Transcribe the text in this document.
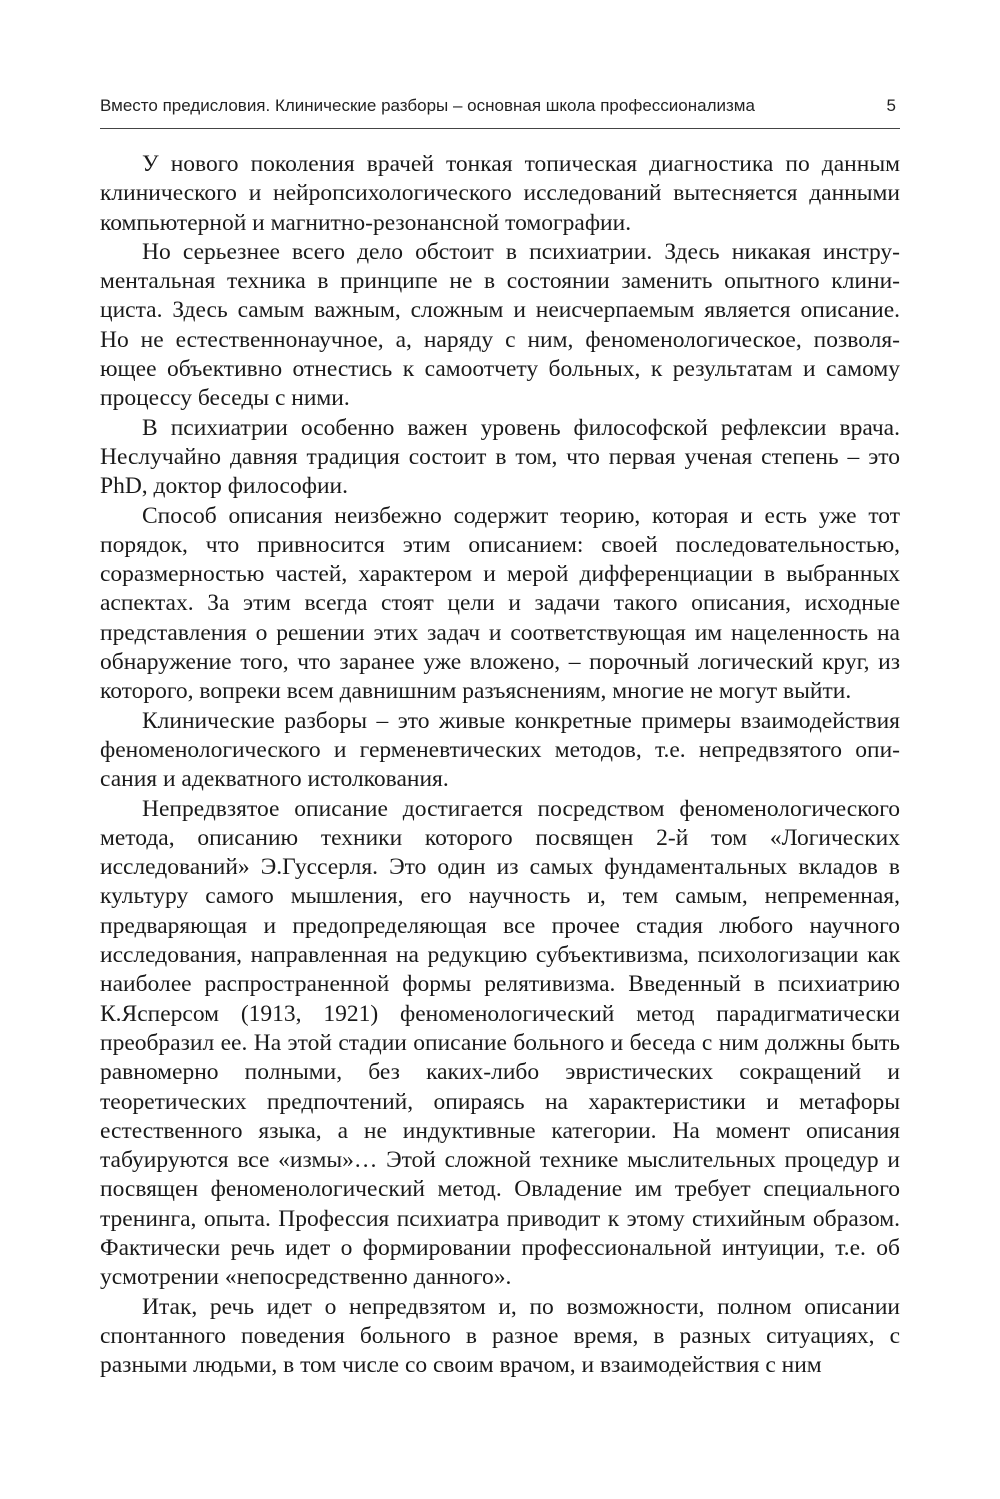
Вместо предисловия. Клинические разборы – основная школа профессионализма	5

У нового поколения врачей тонкая топическая диагностика по данным клинического и нейропсихологического исследований вытесняется данными компьютерной и магнитно-резонансной томографии.

Но серьезнее всего дело обстоит в психиатрии. Здесь никакая инструментальная техника в принципе не в состоянии заменить опытного клинициста. Здесь самым важным, сложным и неисчерпаемым является описание. Но не естественнонаучное, а, наряду с ним, феноменологическое, позволяющее объективно отнестись к самоотчету больных, к результатам и самому процессу беседы с ними.

В психиатрии особенно важен уровень философской рефлексии врача. Неслучайно давняя традиция состоит в том, что первая ученая степень – это PhD, доктор философии.

Способ описания неизбежно содержит теорию, которая и есть уже тот порядок, что привносится этим описанием: своей последовательностью, соразмерностью частей, характером и мерой дифференциации в выбранных аспектах. За этим всегда стоят цели и задачи такого описания, исходные представления о решении этих задач и соответствующая им нацеленность на обнаружение того, что заранее уже вложено, – порочный логический круг, из которого, вопреки всем давнишним разъяснениям, многие не могут выйти.

Клинические разборы – это живые конкретные примеры взаимодействия феноменологического и герменевтических методов, т.е. непредвзятого описания и адекватного истолкования.

Непредвзятое описание достигается посредством феноменологического метода, описанию техники которого посвящен 2-й том «Логических исследований» Э.Гуссерля. Это один из самых фундаментальных вкладов в культуру самого мышления, его научность и, тем самым, непременная, предваряющая и предопределяющая все прочее стадия любого научного исследования, направленная на редукцию субъективизма, психологизации как наиболее распространенной формы релятивизма. Введенный в психиатрию К.Ясперсом (1913, 1921) феноменологический метод парадигматически преобразил ее. На этой стадии описание больного и беседа с ним должны быть равномерно полными, без каких-либо эвристических сокращений и теоретических предпочтений, опираясь на характеристики и метафоры естественного языка, а не индуктивные категории. На момент описания табуируются все «измы»… Этой сложной технике мыслительных процедур и посвящен феноменологический метод. Овладение им требует специального тренинга, опыта. Профессия психиатра приводит к этому стихийным образом. Фактически речь идет о формировании профессиональной интуиции, т.е. об усмотрении «непосредственно данного».

Итак, речь идет о непредвзятом и, по возможности, полном описании спонтанного поведения больного в разное время, в разных ситуациях, с разными людьми, в том числе со своим врачом, и взаимодействия с ним
